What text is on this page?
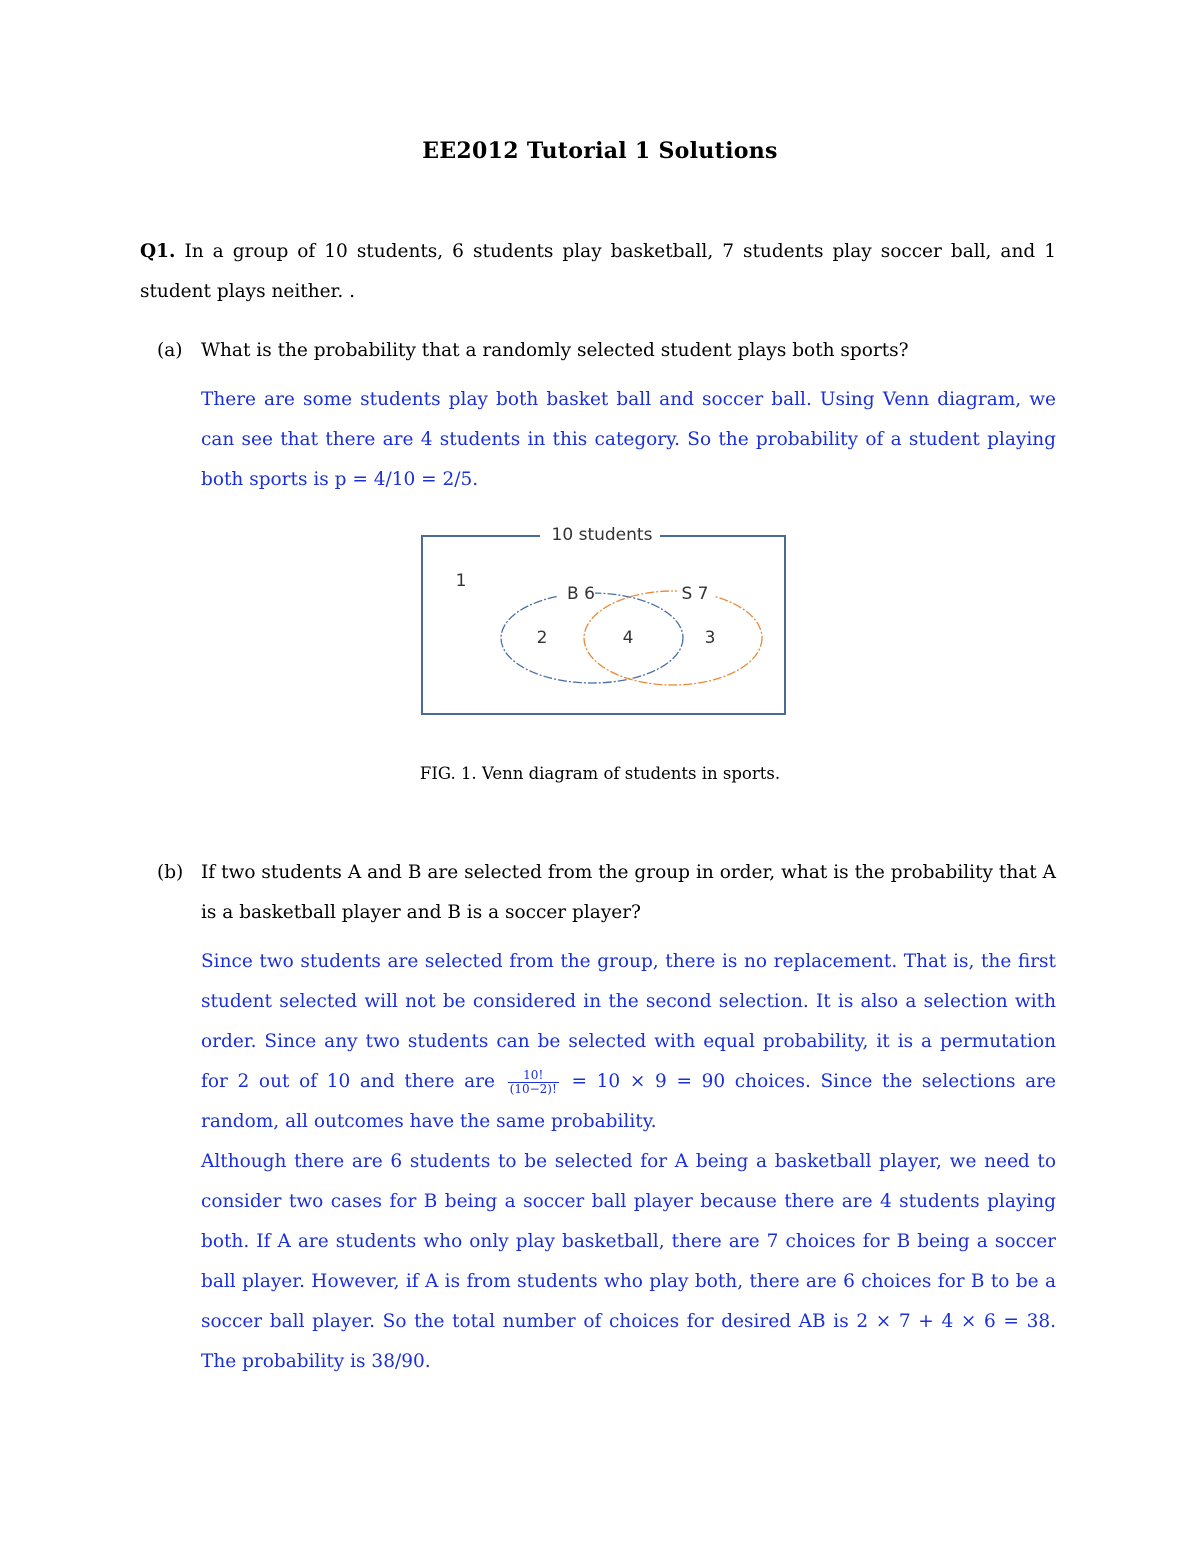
EE2012 Tutorial 1 Solutions
Q1. In a group of 10 students, 6 students play basketball, 7 students play soccer ball, and 1 student plays neither. .
(a) What is the probability that a randomly selected student plays both sports?

There are some students play both basket ball and soccer ball. Using Venn diagram, we can see that there are 4 students in this category. So the probability of a student playing both sports is p = 4/10 = 2/5.

10 students
1
B 6	S 7
2	4	3
FIG. 1. Venn diagram of students in sports.
(b) If two students A and B are selected from the group in order, what is the probability that A is a basketball player and B is a soccer player?

Since two students are selected from the group, there is no replacement. That is, the first student selected will not be considered in the second selection. It is also a selection with order. Since any two students can be selected with equal probability, it is a permutation for 2 out of 10 and there are $\frac{10!}{(10-2)!} = 10 \times 9 = 90$ choices. Since the selections are random, all outcomes have the same probability.

Although there are 6 students to be selected for A being a basketball player, we need to consider two cases for B being a soccer ball player because there are 4 students playing both. If A are students who only play basketball, there are 7 choices for B being a soccer ball player. However, if A is from students who play both, there are 6 choices for B to be a soccer ball player. So the total number of choices for desired AB is 2 × 7 + 4 × 6 = 38. The probability is 38/90.
